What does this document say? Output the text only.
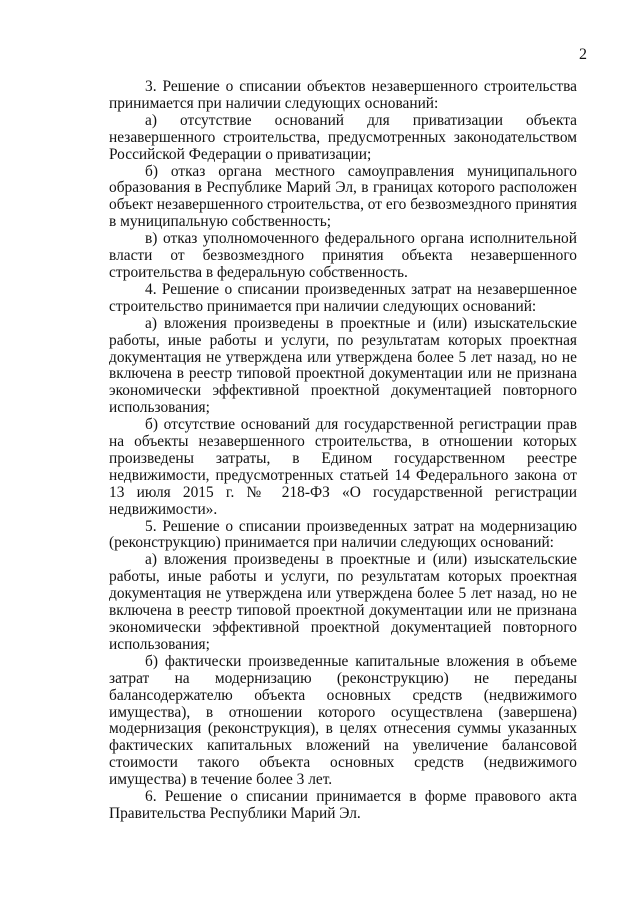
2

3. Решение о списании объектов незавершенного строительства принимается при наличии следующих оснований:

а) отсутствие оснований для приватизации объекта незавершенного строительства, предусмотренных законодательством Российской Федерации о приватизации;

б) отказ органа местного самоуправления муниципального образования в Республике Марий Эл, в границах которого расположен объект незавершенного строительства, от его безвозмездного принятия в муниципальную собственность;

в) отказ уполномоченного федерального органа исполнительной власти от безвозмездного принятия объекта незавершенного строительства в федеральную собственность.

4. Решение о списании произведенных затрат на незавершенное строительство принимается при наличии следующих оснований:

а) вложения произведены в проектные и (или) изыскательские работы, иные работы и услуги, по результатам которых проектная документация не утверждена или утверждена более 5 лет назад, но не включена в реестр типовой проектной документации или не признана экономически эффективной проектной документацией повторного использования;

б) отсутствие оснований для государственной регистрации прав на объекты незавершенного строительства, в отношении которых произведены затраты, в Едином государственном реестре недвижимости, предусмотренных статьей 14 Федерального закона от 13 июля 2015 г. № 218-ФЗ «О государственной регистрации недвижимости».

5. Решение о списании произведенных затрат на модернизацию (реконструкцию) принимается при наличии следующих оснований:

а) вложения произведены в проектные и (или) изыскательские работы, иные работы и услуги, по результатам которых проектная документация не утверждена или утверждена более 5 лет назад, но не включена в реестр типовой проектной документации или не признана экономически эффективной проектной документацией повторного использования;

б) фактически произведенные капитальные вложения в объеме затрат на модернизацию (реконструкцию) не переданы балансодержателю объекта основных средств (недвижимого имущества), в отношении которого осуществлена (завершена) модернизация (реконструкция), в целях отнесения суммы указанных фактических капитальных вложений на увеличение балансовой стоимости такого объекта основных средств (недвижимого имущества) в течение более 3 лет.

6. Решение о списании принимается в форме правового акта Правительства Республики Марий Эл.
